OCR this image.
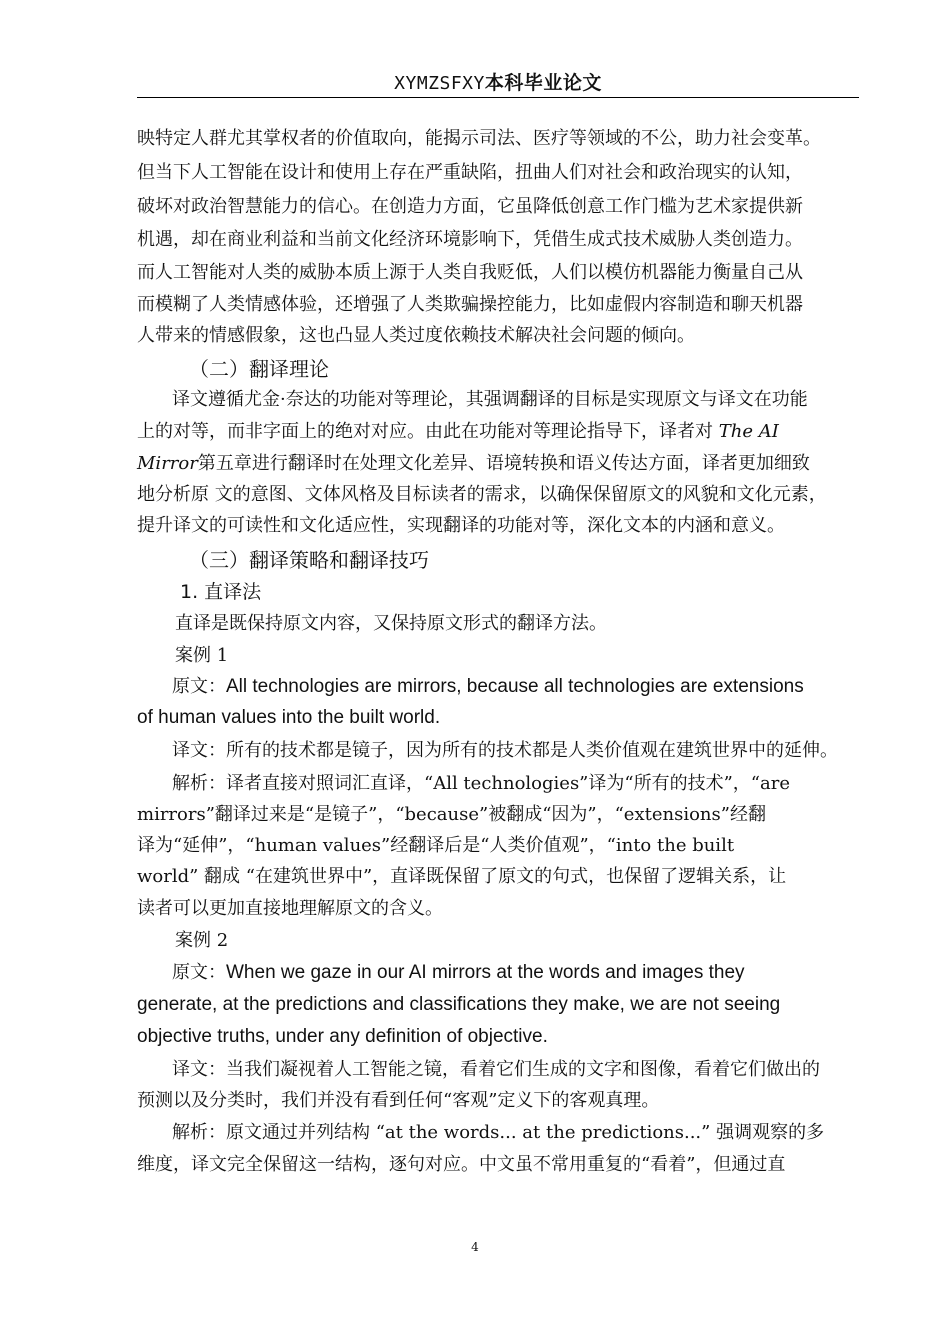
XYMZSFXY本科毕业论文
映特定人群尤其掌权者的价值取向，能揭示司法、医疗等领域的不公，助力社会变革。
但当下人工智能在设计和使用上存在严重缺陷，扭曲人们对社会和政治现实的认知，
破坏对政治智慧能力的信心。在创造力方面，它虽降低创意工作门槛为艺术家提供新
机遇，却在商业利益和当前文化经济环境影响下，凭借生成式技术威胁人类创造力。
而人工智能对人类的威胁本质上源于人类自我贬低，人们以模仿机器能力衡量自己从
而模糊了人类情感体验，还增强了人类欺骗操控能力，比如虚假内容制造和聊天机器
人带来的情感假象，这也凸显人类过度依赖技术解决社会问题的倾向。
（二）翻译理论
译文遵循尤金·奈达的功能对等理论，其强调翻译的目标是实现原文与译文在功能
上的对等，而非字面上的绝对对应。由此在功能对等理论指导下，译者对 The AI
Mirror第五章进行翻译时在处理文化差异、语境转换和语义传达方面，译者更加细致
地分析原 文的意图、文体风格及目标读者的需求，以确保保留原文的风貌和文化元素，
提升译文的可读性和文化适应性，实现翻译的功能对等，深化文本的内涵和意义。
（三）翻译策略和翻译技巧
1. 直译法
直译是既保持原文内容，又保持原文形式的翻译方法。
案例 1
原文：All technologies are mirrors, because all technologies are extensions
of human values into the built world.
译文：所有的技术都是镜子，因为所有的技术都是人类价值观在建筑世界中的延伸。
解析：译者直接对照词汇直译，“All technologies”译为“所有的技术”，“are
mirrors”翻译过来是“是镜子”，“because”被翻成“因为”，“extensions”经翻
译为“延伸”，“human values”经翻译后是“人类价值观”，“into the built
world” 翻成 “在建筑世界中”，直译既保留了原文的句式，也保留了逻辑关系，让
读者可以更加直接地理解原文的含义。
案例 2
原文：When we gaze in our AI mirrors at the words and images they
generate, at the predictions and classifications they make, we are not seeing
objective truths, under any definition of objective.
译文：当我们凝视着人工智能之镜，看着它们生成的文字和图像，看着它们做出的
预测以及分类时，我们并没有看到任何“客观”定义下的客观真理。
解析：原文通过并列结构 “at the words... at the predictions...” 强调观察的多
维度，译文完全保留这一结构，逐句对应。中文虽不常用重复的“看着”，但通过直
4
